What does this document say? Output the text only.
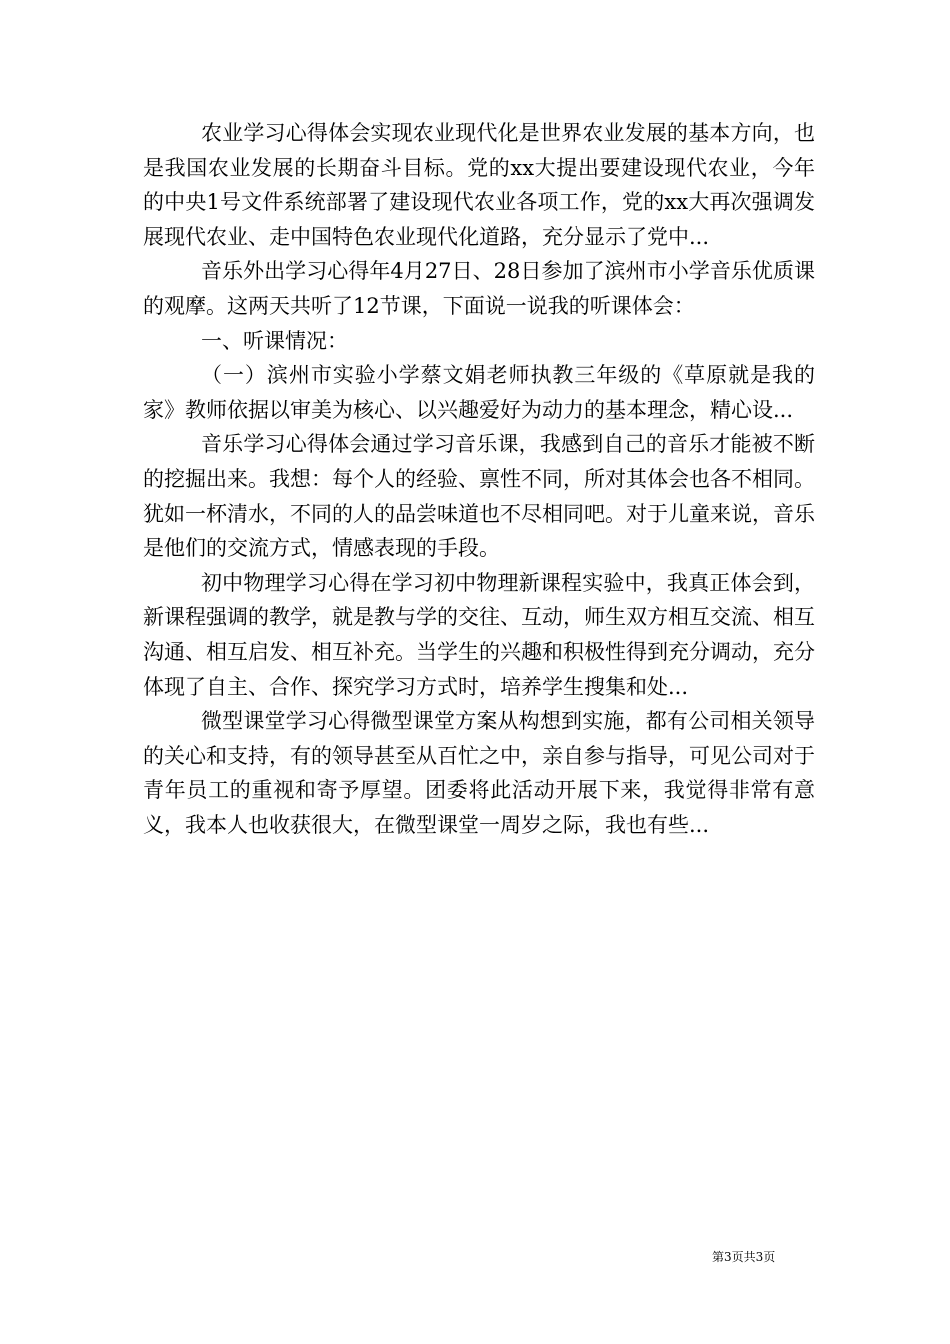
农业学习心得体会实现农业现代化是世界农业发展的基本方向，也是我国农业发展的长期奋斗目标。党的xx大提出要建设现代农业，今年的中央1号文件系统部署了建设现代农业各项工作，党的xx大再次强调发展现代农业、走中国特色农业现代化道路，充分显示了党中...

音乐外出学习心得年4月27日、28日参加了滨州市小学音乐优质课的观摩。这两天共听了12节课，下面说一说我的听课体会：

一、听课情况：

（一）滨州市实验小学蔡文娟老师执教三年级的《草原就是我的家》教师依据以审美为核心、以兴趣爱好为动力的基本理念，精心设...

音乐学习心得体会通过学习音乐课，我感到自己的音乐才能被不断的挖掘出来。我想：每个人的经验、禀性不同，所对其体会也各不相同。犹如一杯清水，不同的人的品尝味道也不尽相同吧。对于儿童来说，音乐是他们的交流方式，情感表现的手段。

初中物理学习心得在学习初中物理新课程实验中，我真正体会到，新课程强调的教学，就是教与学的交往、互动，师生双方相互交流、相互沟通、相互启发、相互补充。当学生的兴趣和积极性得到充分调动，充分体现了自主、合作、探究学习方式时，培养学生搜集和处...

微型课堂学习心得微型课堂方案从构想到实施，都有公司相关领导的关心和支持，有的领导甚至从百忙之中，亲自参与指导，可见公司对于青年员工的重视和寄予厚望。团委将此活动开展下来，我觉得非常有意义，我本人也收获很大，在微型课堂一周岁之际，我也有些...

第3页共3页
